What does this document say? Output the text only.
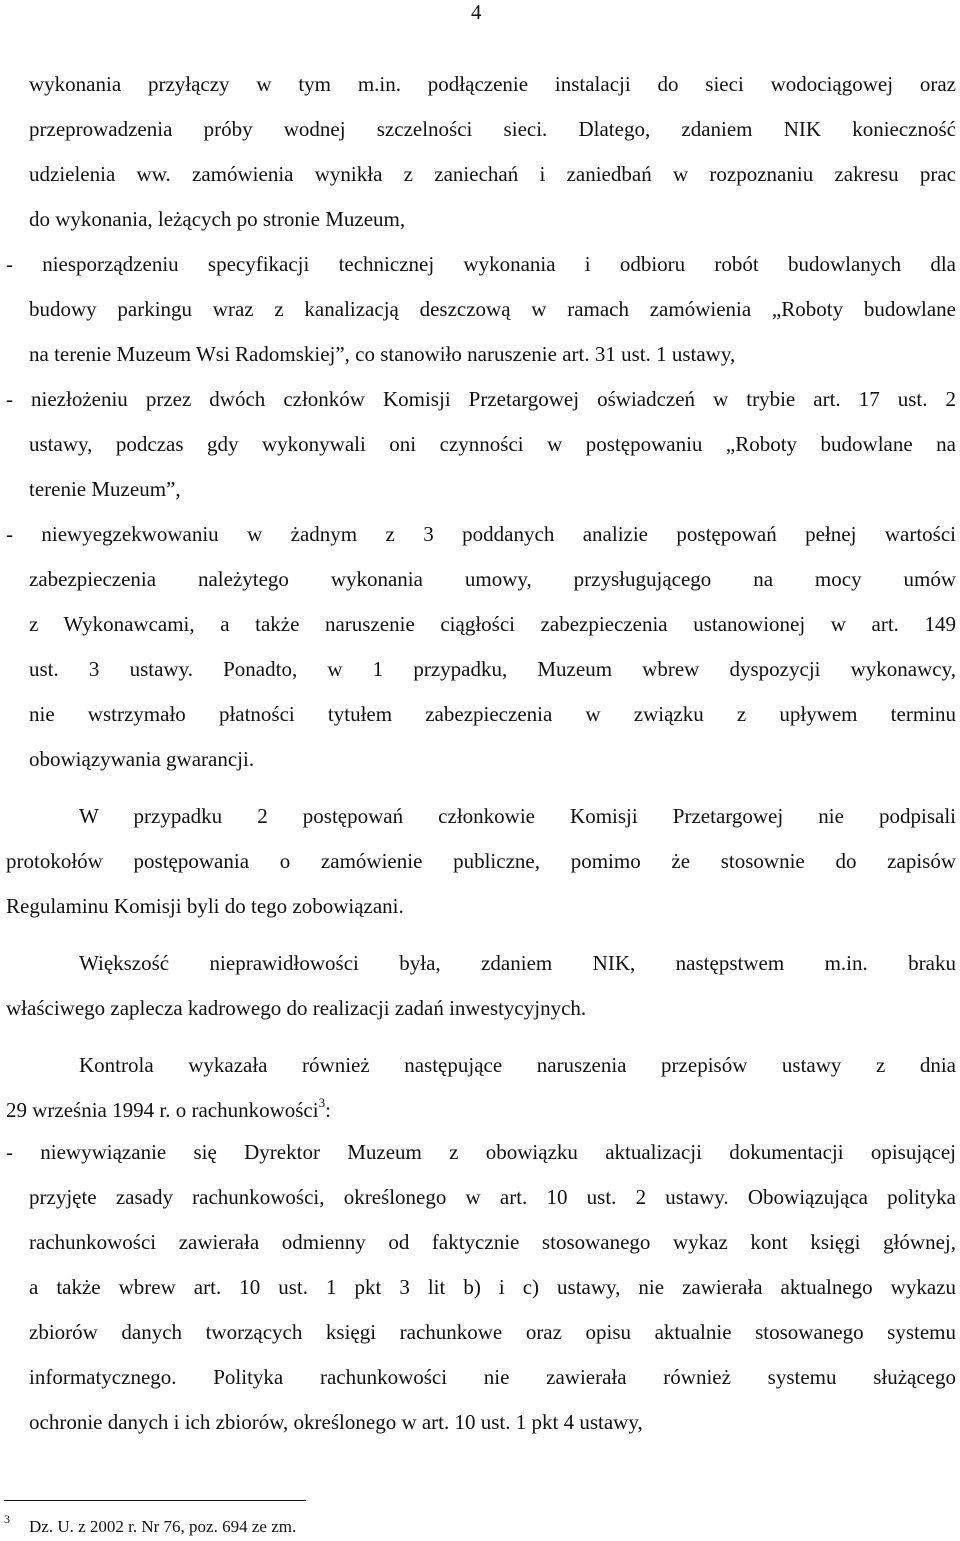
4
wykonania przyłączy w tym m.in. podłączenie instalacji do sieci wodociągowej oraz
przeprowadzenia próby wodnej szczelności sieci. Dlatego, zdaniem NIK konieczność
udzielenia ww. zamówienia wynikła z zaniechań i zaniedbań w rozpoznaniu zakresu prac
do wykonania, leżących po stronie Muzeum,
- niesporządzeniu specyfikacji technicznej wykonania i odbioru robót budowlanych dla
budowy parkingu wraz z kanalizacją deszczową w ramach zamówienia „Roboty budowlane
na terenie Muzeum Wsi Radomskiej”, co stanowiło naruszenie art. 31 ust. 1 ustawy,
- niezłożeniu przez dwóch członków Komisji Przetargowej oświadczeń w trybie art. 17 ust. 2
ustawy, podczas gdy wykonywali oni czynności w postępowaniu „Roboty budowlane na
terenie Muzeum”,
- niewyegzekwowaniu w żadnym z 3 poddanych analizie postępowań pełnej wartości
zabezpieczenia należytego wykonania umowy, przysługującego na mocy umów
z Wykonawcami, a także naruszenie ciągłości zabezpieczenia ustanowionej w art. 149
ust. 3 ustawy. Ponadto, w 1 przypadku, Muzeum wbrew dyspozycji wykonawcy,
nie wstrzymało płatności tytułem zabezpieczenia w związku z upływem terminu
obowiązywania gwarancji.
W przypadku 2 postępowań członkowie Komisji Przetargowej nie podpisali
protokołów postępowania o zamówienie publiczne, pomimo że stosownie do zapisów
Regulaminu Komisji byli do tego zobowiązani.
Większość nieprawidłowości była, zdaniem NIK, następstwem m.in. braku
właściwego zaplecza kadrowego do realizacji zadań inwestycyjnych.
Kontrola wykazała również następujące naruszenia przepisów ustawy z dnia
29 września 1994 r. o rachunkowości$^3$:
- niewywiązanie się Dyrektor Muzeum z obowiązku aktualizacji dokumentacji opisującej
przyjęte zasady rachunkowości, określonego w art. 10 ust. 2 ustawy. Obowiązująca polityka
rachunkowości zawierała odmienny od faktycznie stosowanego wykaz kont księgi głównej,
a także wbrew art. 10 ust. 1 pkt 3 lit b) i c) ustawy, nie zawierała aktualnego wykazu
zbiorów danych tworzących księgi rachunkowe oraz opisu aktualnie stosowanego systemu
informatycznego. Polityka rachunkowości nie zawierała również systemu służącego
ochronie danych i ich zbiorów, określonego w art. 10 ust. 1 pkt 4 ustawy,
3 Dz. U. z 2002 r. Nr 76, poz. 694 ze zm.
